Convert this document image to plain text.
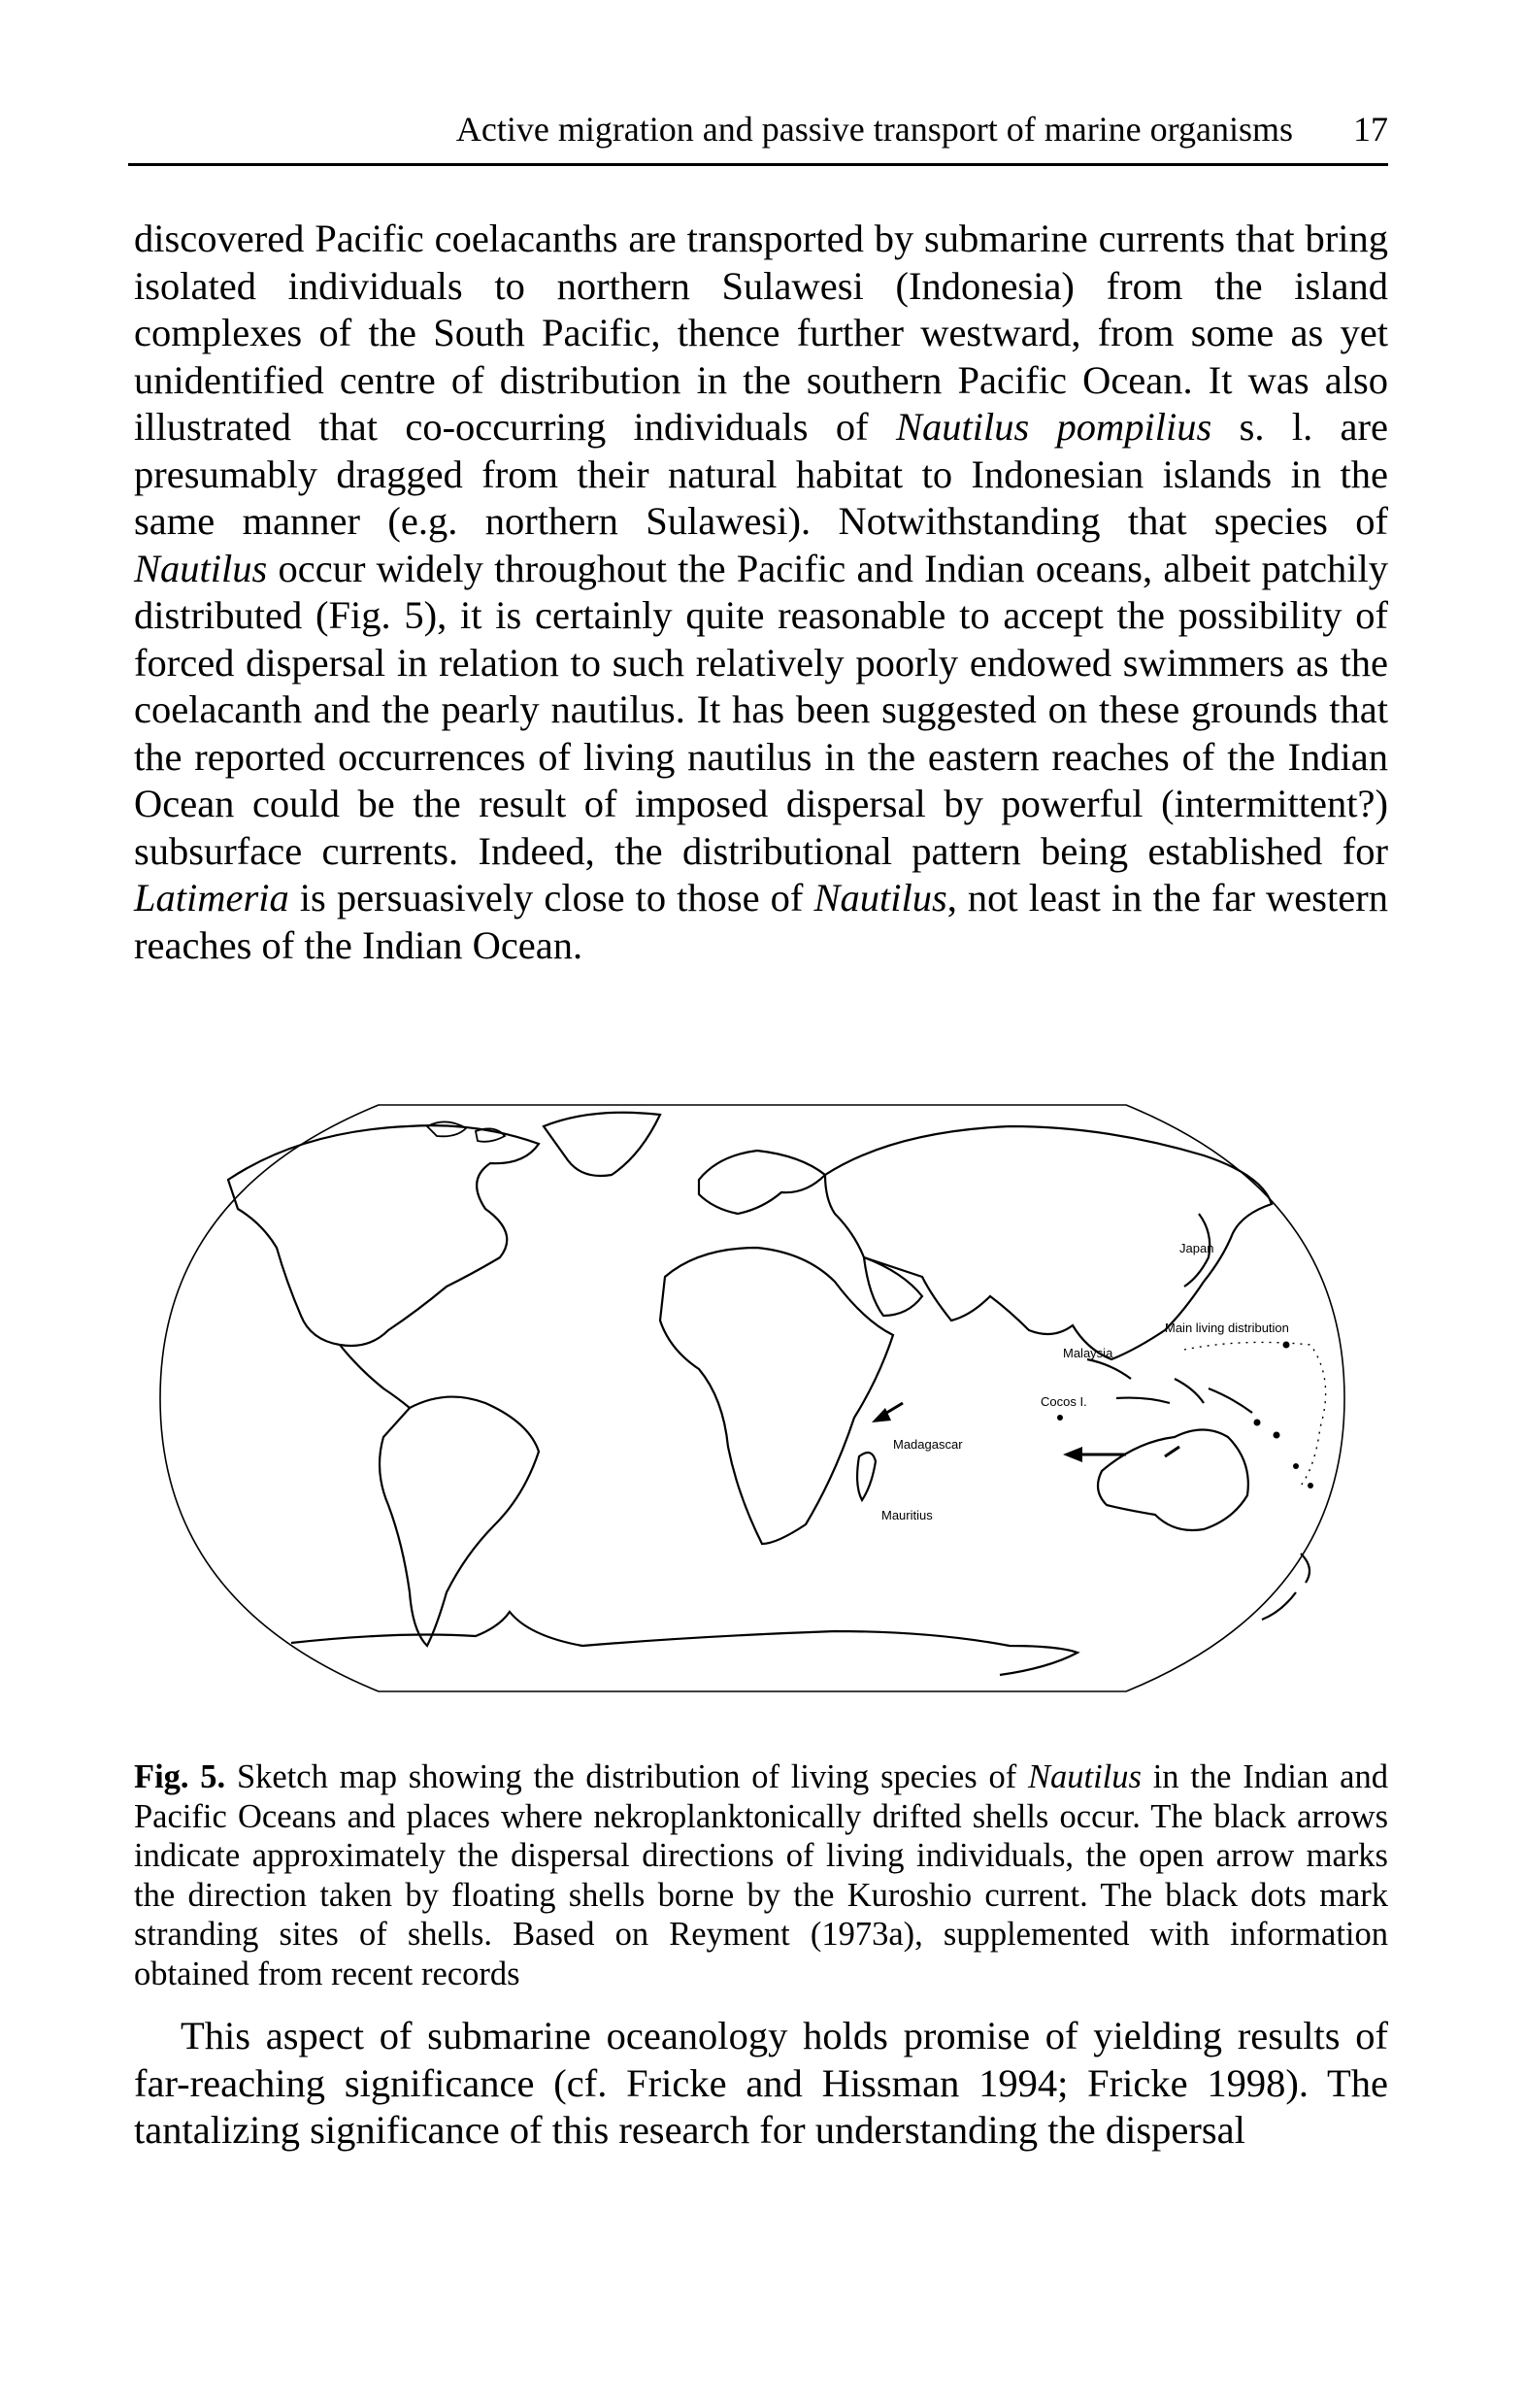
Active migration and passive transport of marine organisms 17

discovered Pacific coelacanths are transported by submarine currents that bring isolated individuals to northern Sulawesi (Indonesia) from the island complexes of the South Pacific, thence further westward, from some as yet unidentified centre of distribution in the southern Pacific Ocean. It was also illustrated that co-occurring individuals of Nautilus pompilius s. l. are presumably dragged from their natural habitat to Indonesian islands in the same manner (e.g. northern Sulawesi). Notwithstanding that species of Nautilus occur widely throughout the Pacific and Indian oceans, albeit patchily distributed (Fig. 5), it is certainly quite reasonable to accept the possibility of forced dispersal in relation to such relatively poorly endowed swimmers as the coelacanth and the pearly nautilus. It has been suggested on these grounds that the reported occurrences of living nautilus in the eastern reaches of the Indian Ocean could be the result of imposed dispersal by powerful (intermittent?) subsurface currents. Indeed, the distributional pattern being established for Latimeria is persuasively close to those of Nautilus, not least in the far western reaches of the Indian Ocean.

Japan
Main living distribution
Malaysia
Cocos I.
Madagascar
Mauritius

Fig. 5. Sketch map showing the distribution of living species of Nautilus in the Indian and Pacific Oceans and places where nekroplanktonically drifted shells occur. The black arrows indicate approximately the dispersal directions of living individuals, the open arrow marks the direction taken by floating shells borne by the Kuroshio current. The black dots mark stranding sites of shells. Based on Reyment (1973a), supplemented with information obtained from recent records

This aspect of submarine oceanology holds promise of yielding results of far-reaching significance (cf. Fricke and Hissman 1994; Fricke 1998). The tantalizing significance of this research for understanding the dispersal
